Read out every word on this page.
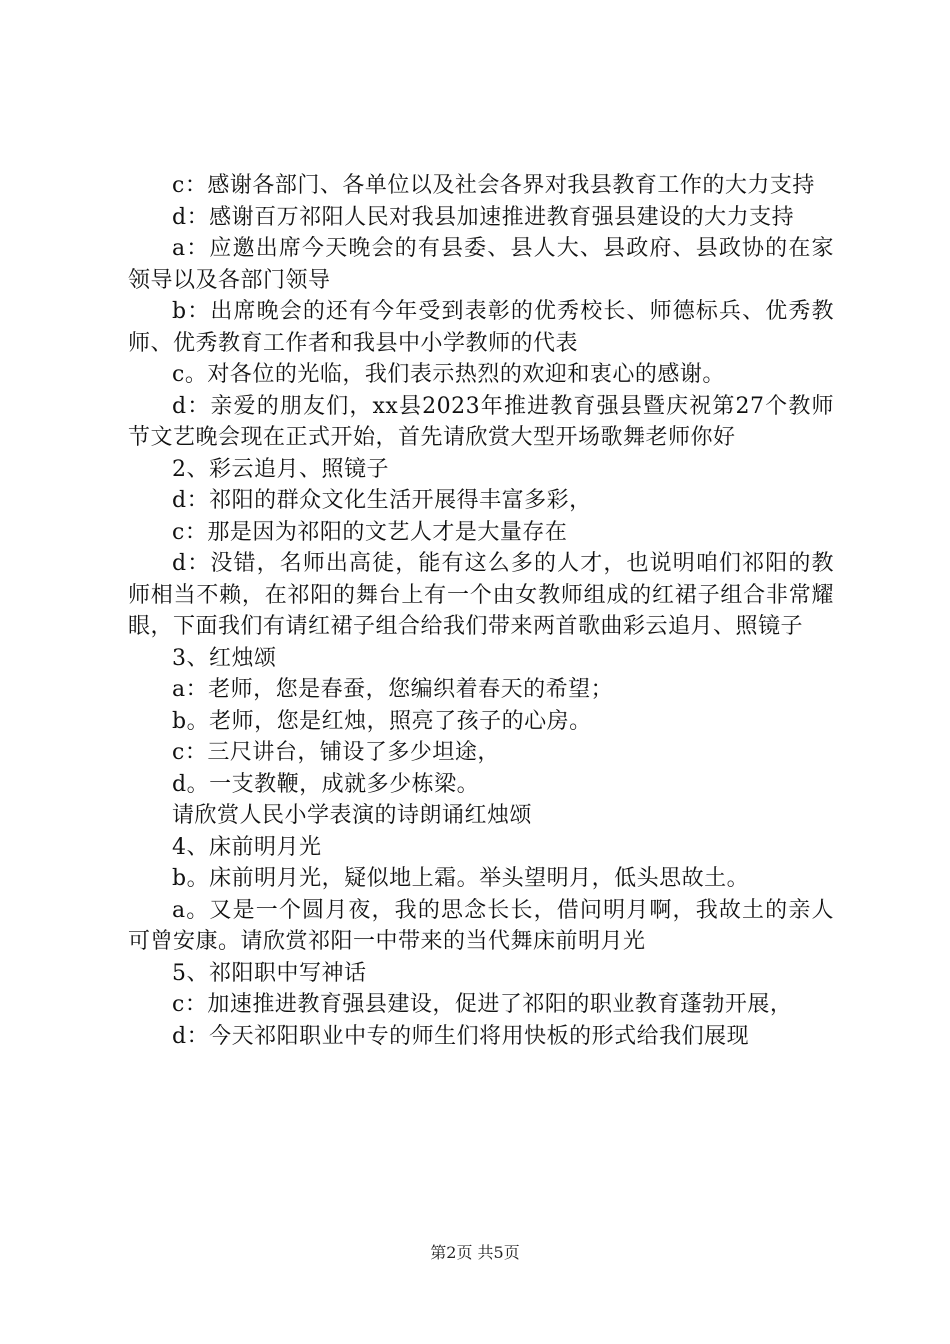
c：感谢各部门、各单位以及社会各界对我县教育工作的大力支持

d：感谢百万祁阳人民对我县加速推进教育强县建设的大力支持

a：应邀出席今天晚会的有县委、县人大、县政府、县政协的在家领导以及各部门领导

b：出席晚会的还有今年受到表彰的优秀校长、师德标兵、优秀教师、优秀教育工作者和我县中小学教师的代表

c。对各位的光临，我们表示热烈的欢迎和衷心的感谢。

d：亲爱的朋友们，xx县2023年推进教育强县暨庆祝第27个教师节文艺晚会现在正式开始，首先请欣赏大型开场歌舞老师你好

2、彩云追月、照镜子

d：祁阳的群众文化生活开展得丰富多彩，

c：那是因为祁阳的文艺人才是大量存在

d：没错，名师出高徒，能有这么多的人才，也说明咱们祁阳的教师相当不赖，在祁阳的舞台上有一个由女教师组成的红裙子组合非常耀眼，下面我们有请红裙子组合给我们带来两首歌曲彩云追月、照镜子

3、红烛颂

a：老师，您是春蚕，您编织着春天的希望；

b。老师，您是红烛，照亮了孩子的心房。

c：三尺讲台，铺设了多少坦途，

d。一支教鞭，成就多少栋梁。

请欣赏人民小学表演的诗朗诵红烛颂

4、床前明月光

b。床前明月光，疑似地上霜。举头望明月，低头思故土。

a。又是一个圆月夜，我的思念长长，借问明月啊，我故土的亲人可曾安康。请欣赏祁阳一中带来的当代舞床前明月光

5、祁阳职中写神话

c：加速推进教育强县建设，促进了祁阳的职业教育蓬勃开展，

d：今天祁阳职业中专的师生们将用快板的形式给我们展现

第2页 共5页
